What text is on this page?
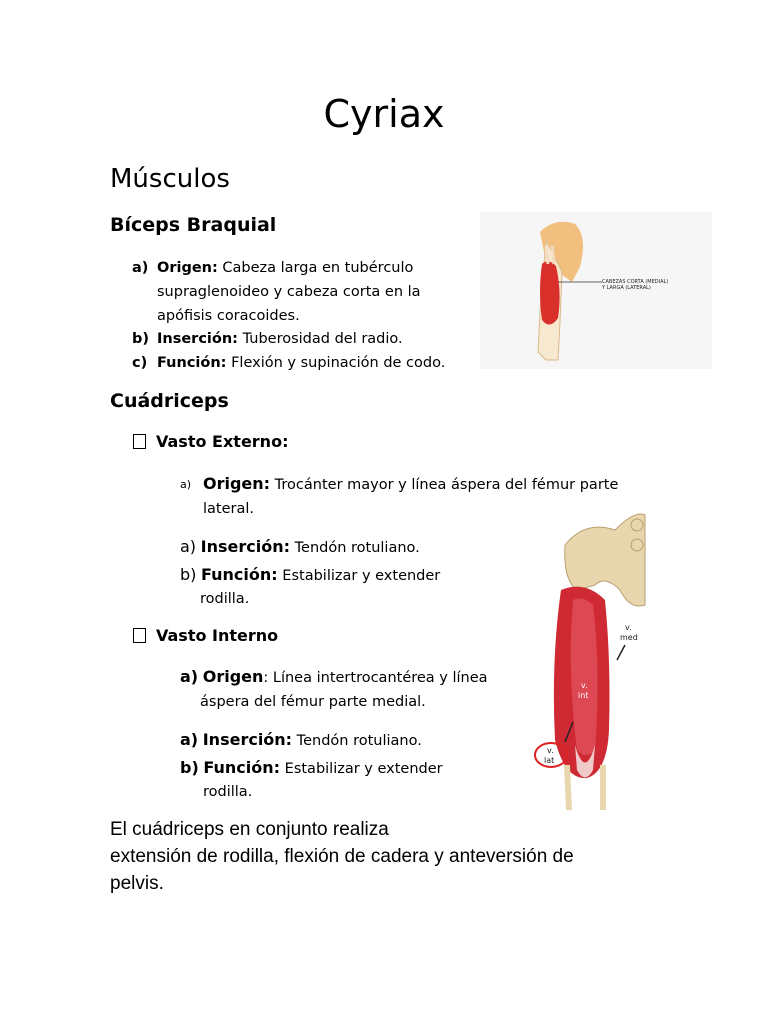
Cyriax
Músculos
Bíceps Braquial
a) Origen: Cabeza larga en tubérculo
supraglenoideo y cabeza corta en la
apófisis coracoides.
b) Inserción: Tuberosidad del radio.
c) Función: Flexión y supinación de codo.
CABEZAS CORTA (MEDIAL)
Y LARGA (LATERAL)
Cuádriceps
Vasto Externo:
a) Origen: Trocánter mayor y línea áspera del fémur parte
lateral.
a) Inserción: Tendón rotuliano.
b) Función: Estabilizar y extender
rodilla.
Vasto Interno
a) Origen: Línea intertrocantérea y línea
áspera del fémur parte medial.
a) Inserción: Tendón rotuliano.
b) Función: Estabilizar y extender
rodilla.
v.
med
v.
int
v.
lat
El cuádriceps en conjunto realiza
extensión de rodilla, flexión de cadera y anteversión de
pelvis.
